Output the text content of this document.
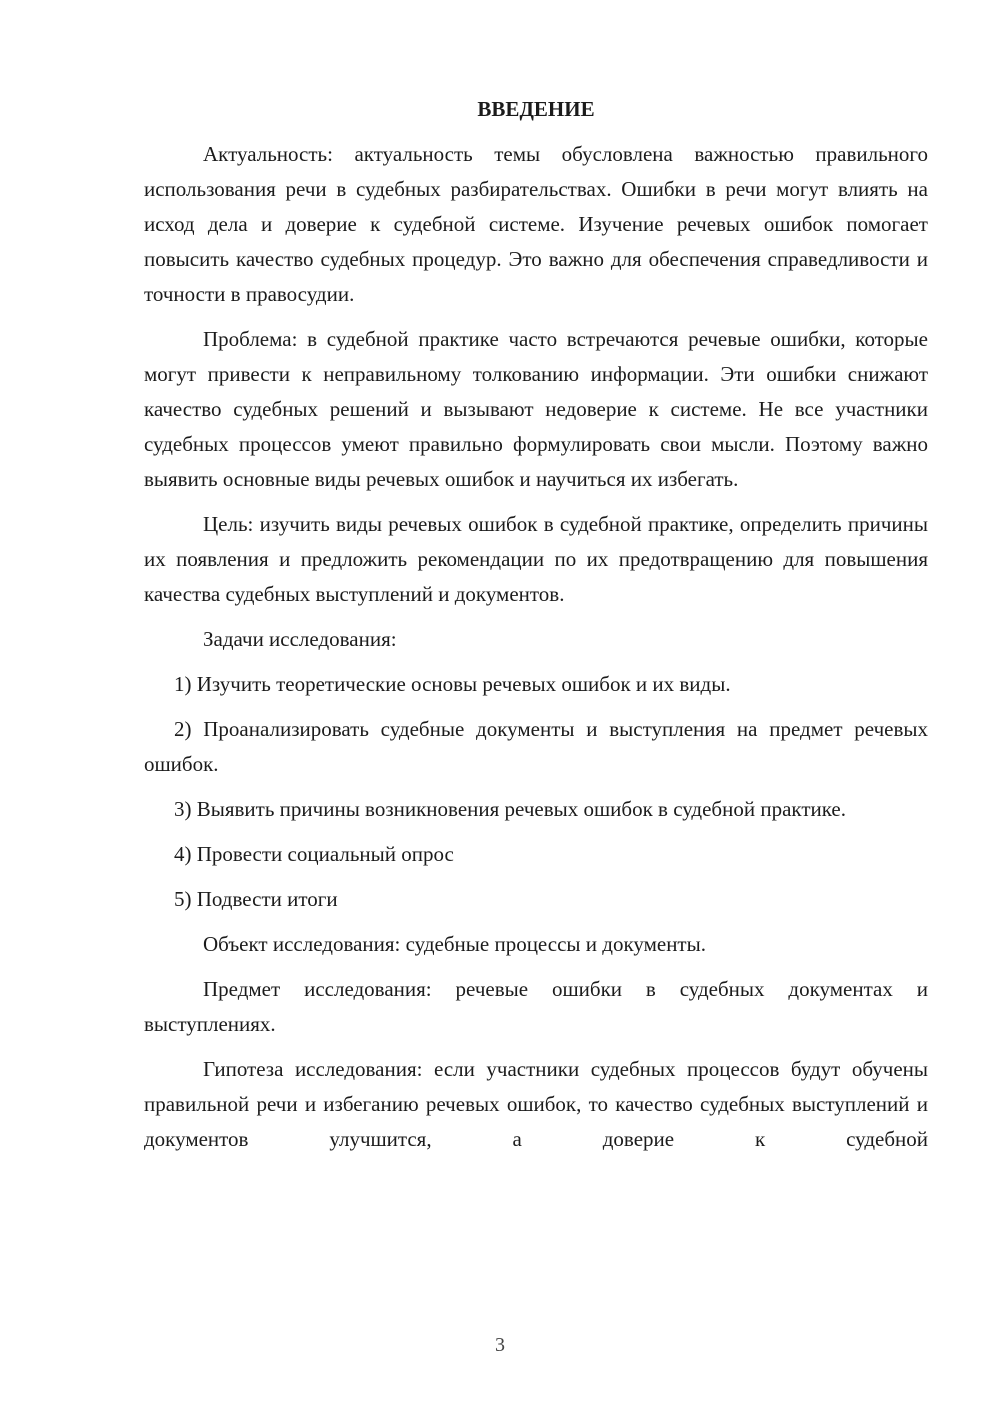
ВВЕДЕНИЕ

Актуальность: актуальность темы обусловлена важностью правильного использования речи в судебных разбирательствах. Ошибки в речи могут влиять на исход дела и доверие к судебной системе. Изучение речевых ошибок помогает повысить качество судебных процедур. Это важно для обеспечения справедливости и точности в правосудии.

Проблема: в судебной практике часто встречаются речевые ошибки, которые могут привести к неправильному толкованию информации. Эти ошибки снижают качество судебных решений и вызывают недоверие к системе. Не все участники судебных процессов умеют правильно формулировать свои мысли. Поэтому важно выявить основные виды речевых ошибок и научиться их избегать.

Цель: изучить виды речевых ошибок в судебной практике, определить причины их появления и предложить рекомендации по их предотвращению для повышения качества судебных выступлений и документов.

Задачи исследования:

1) Изучить теоретические основы речевых ошибок и их виды.

2) Проанализировать судебные документы и выступления на предмет речевых ошибок.

3) Выявить причины возникновения речевых ошибок в судебной практике.

4) Провести социальный опрос

5) Подвести итоги

Объект исследования: судебные процессы и документы.

Предмет исследования: речевые ошибки в судебных документах и выступлениях.

Гипотеза исследования: если участники судебных процессов будут обучены правильной речи и избеганию речевых ошибок, то качество судебных выступлений и документов улучшится, а доверие к судебной

3
